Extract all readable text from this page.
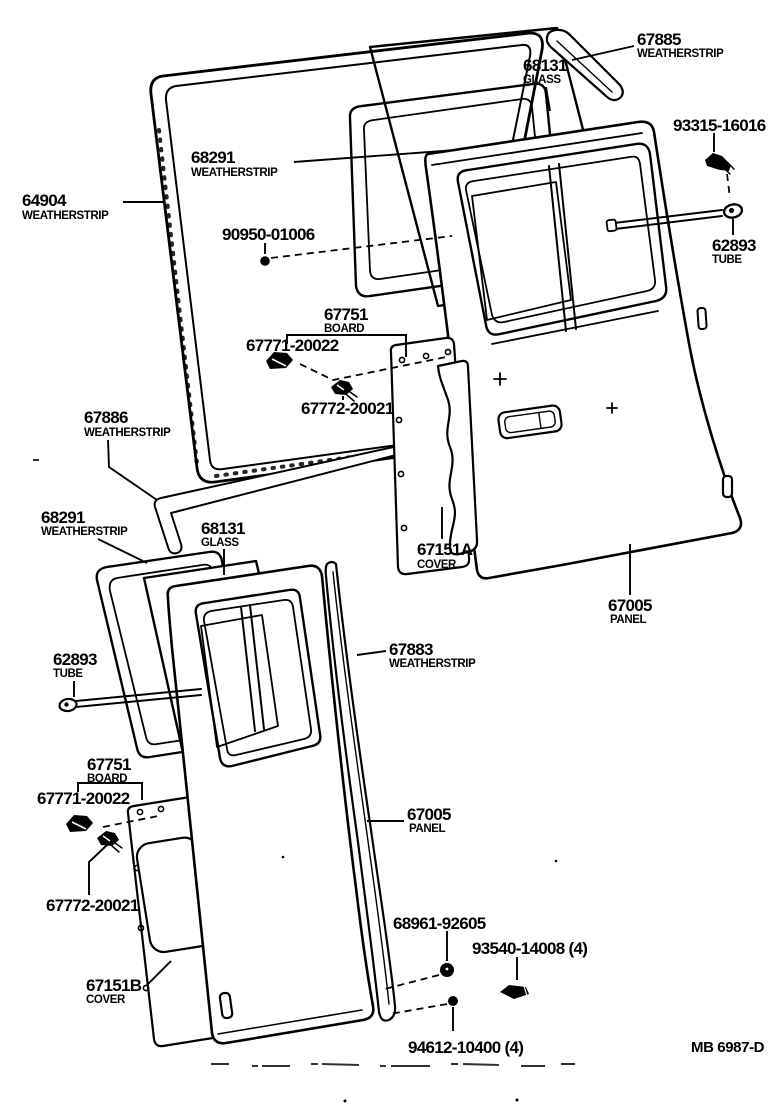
67885
WEATHERSTRIP
68131
GLASS
93315-16016
62893
TUBE
68291
WEATHERSTRIP
64904
WEATHERSTRIP
90950-01006
67751
BOARD
67771-20022
67772-20021
67886
WEATHERSTRIP
68291
WEATHERSTRIP	68131
GLASS	67151A
COVER
67005
PANEL
62893
TUBE
67883
WEATHERSTRIP
67751
BOARD
67771-20022
67772-20021
67151B
COVER
67005
PANEL
68961-92605
93540-14008 (4)
94612-10400 (4)	MB 6987-D
